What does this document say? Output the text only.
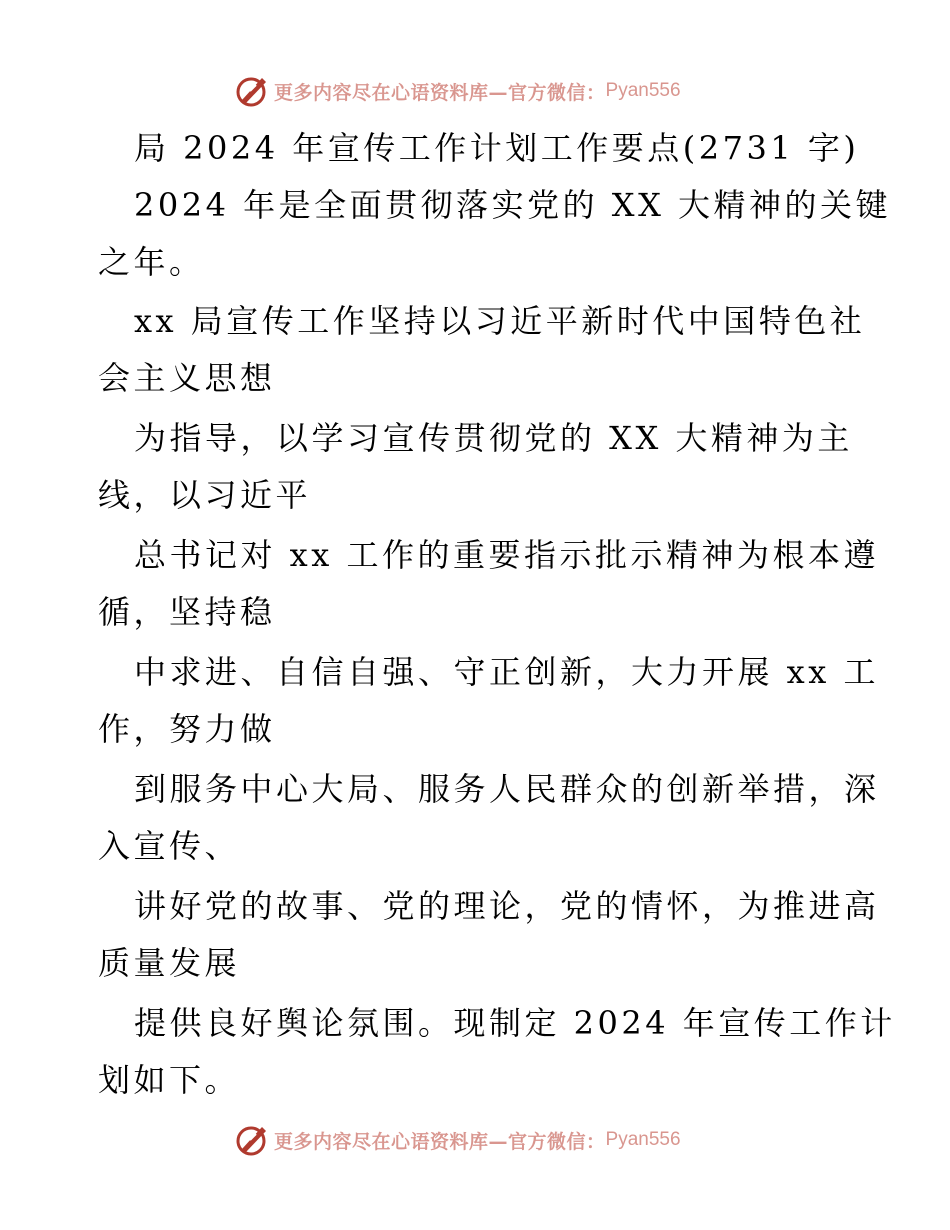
更多内容尽在心语资料库—官方微信： Pyan556
局 2024 年宣传工作计划工作要点(2731 字)
2024 年是全面贯彻落实党的 XX 大精神的关键
之年。
xx 局宣传工作坚持以习近平新时代中国特色社
会主义思想
为指导，以学习宣传贯彻党的 XX 大精神为主
线，以习近平
总书记对 xx 工作的重要指示批示精神为根本遵
循，坚持稳
中求进、自信自强、守正创新，大力开展 xx 工
作，努力做
到服务中心大局、服务人民群众的创新举措，深
入宣传、
讲好党的故事、党的理论，党的情怀，为推进高
质量发展
提供良好舆论氛围。现制定 2024 年宣传工作计
划如下。
更多内容尽在心语资料库—官方微信： Pyan556
